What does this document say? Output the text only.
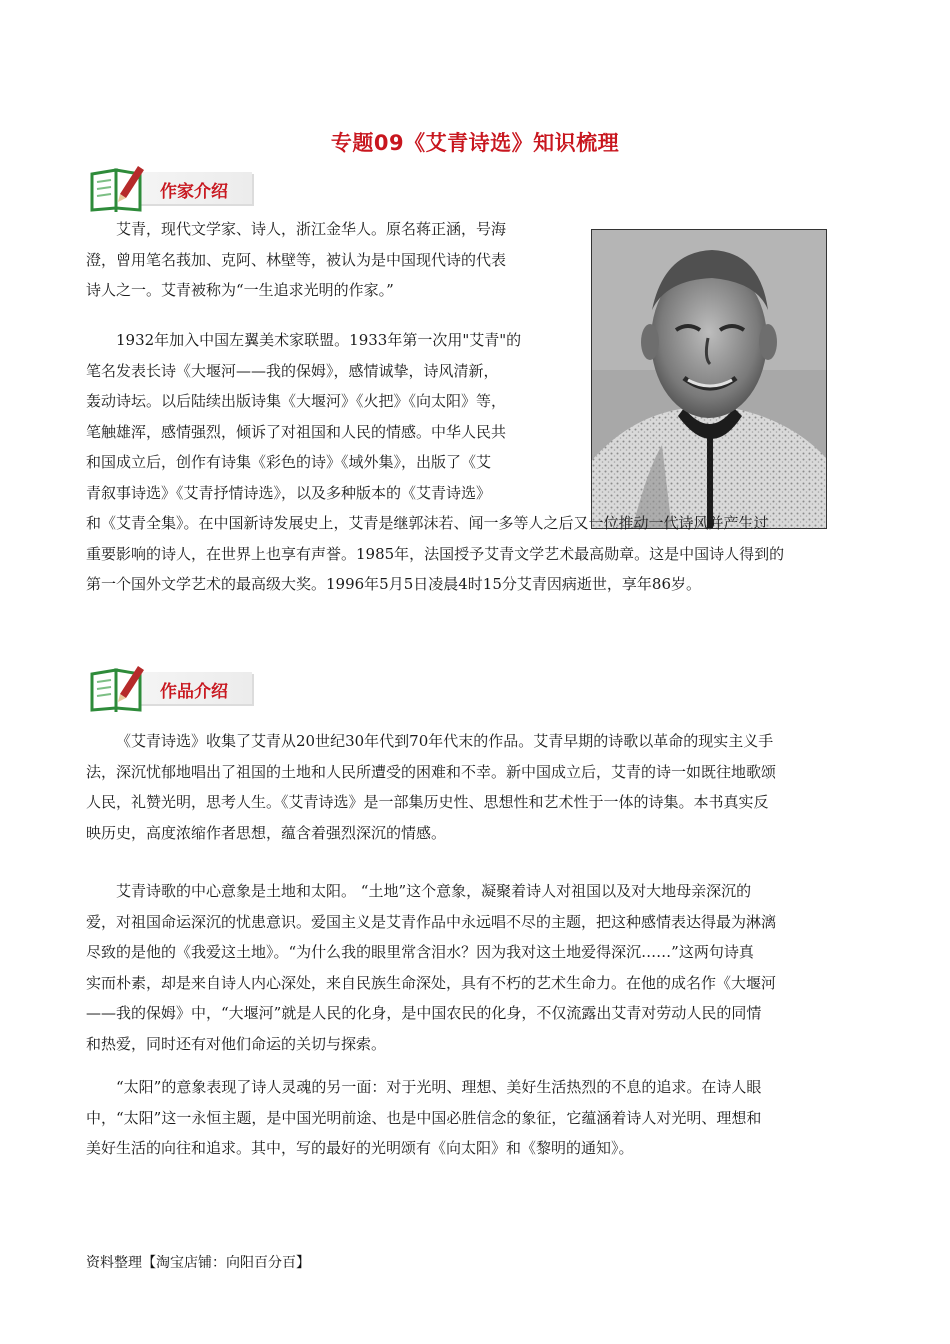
专题09《艾青诗选》知识梳理
作家介绍

艾青，现代文学家、诗人，浙江金华人。原名蒋正涵，号海
澄，曾用笔名莪加、克阿、林壁等，被认为是中国现代诗的代表
诗人之一。艾青被称为“一生追求光明的作家。”

1932年加入中国左翼美术家联盟。1933年第一次用"艾青"的
笔名发表长诗《大堰河——我的保姆》，感情诚挚，诗风清新，
轰动诗坛。以后陆续出版诗集《大堰河》《火把》《向太阳》等，
笔触雄浑，感情强烈，倾诉了对祖国和人民的情感。中华人民共
和国成立后，创作有诗集《彩色的诗》《域外集》，出版了《艾
青叙事诗选》《艾青抒情诗选》，以及多种版本的《艾青诗选》
和《艾青全集》。在中国新诗发展史上，艾青是继郭沫若、闻一多等人之后又一位推动一代诗风并产生过
重要影响的诗人，在世界上也享有声誉。1985年，法国授予艾青文学艺术最高勋章。这是中国诗人得到的
第一个国外文学艺术的最高级大奖。1996年5月5日凌晨4时15分艾青因病逝世，享年86岁。

作品介绍

《艾青诗选》收集了艾青从20世纪30年代到70年代末的作品。艾青早期的诗歌以革命的现实主义手
法，深沉忧郁地唱出了祖国的土地和人民所遭受的困难和不幸。新中国成立后，艾青的诗一如既往地歌颂
人民，礼赞光明，思考人生。《艾青诗选》是一部集历史性、思想性和艺术性于一体的诗集。本书真实反
映历史，高度浓缩作者思想，蕴含着强烈深沉的情感。

艾青诗歌的中心意象是土地和太阳。 “土地”这个意象，凝聚着诗人对祖国以及对大地母亲深沉的
爱，对祖国命运深沉的忧患意识。爱国主义是艾青作品中永远唱不尽的主题，把这种感情表达得最为淋漓
尽致的是他的《我爱这土地》。“为什么我的眼里常含泪水？因为我对这土地爱得深沉……”这两句诗真
实而朴素，却是来自诗人内心深处，来自民族生命深处，具有不朽的艺术生命力。在他的成名作《大堰河
——我的保姆》中，“大堰河”就是人民的化身，是中国农民的化身，不仅流露出艾青对劳动人民的同情
和热爱，同时还有对他们命运的关切与探索。

“太阳”的意象表现了诗人灵魂的另一面：对于光明、理想、美好生活热烈的不息的追求。在诗人眼
中，“太阳”这一永恒主题，是中国光明前途、也是中国必胜信念的象征，它蕴涵着诗人对光明、理想和
美好生活的向往和追求。其中，写的最好的光明颂有《向太阳》和《黎明的通知》。

资料整理【淘宝店铺：向阳百分百】
